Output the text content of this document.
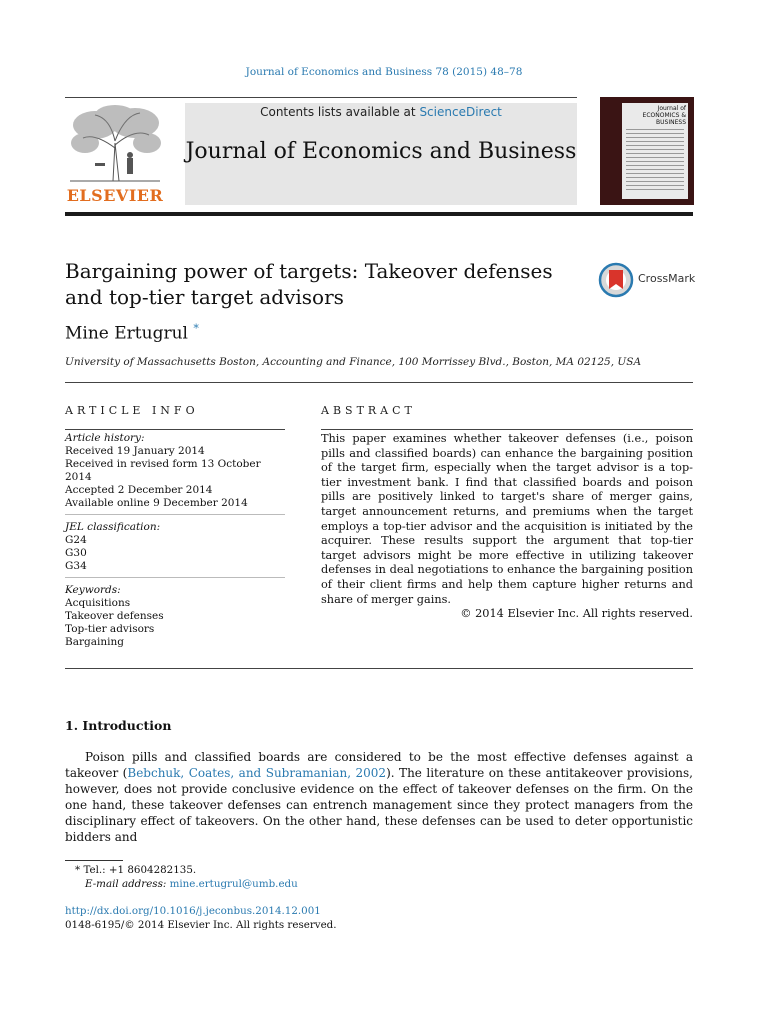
Journal of Economics and Business 78 (2015) 48–78
ELSEVIER
Contents lists available at ScienceDirect
Journal of Economics and Business
Journal of ECONOMICS & BUSINESS
Bargaining power of targets: Takeover defenses and top-tier target advisors
CrossMark
Mine Ertugrul *
University of Massachusetts Boston, Accounting and Finance, 100 Morrissey Blvd., Boston, MA 02125, USA
ARTICLE INFO	ABSTRACT
Article history:
Received 19 January 2014
Received in revised form 13 October 2014
Accepted 2 December 2014
Available online 9 December 2014
JEL classification:
G24
G30
G34
Keywords:
Acquisitions
Takeover defenses
Top-tier advisors
Bargaining
This paper examines whether takeover defenses (i.e., poison pills and classified boards) can enhance the bargaining position of the target firm, especially when the target advisor is a top-tier investment bank. I find that classified boards and poison pills are positively linked to target's share of merger gains, target announcement returns, and premiums when the target employs a top-tier advisor and the acquisition is initiated by the acquirer. These results support the argument that top-tier target advisors might be more effective in utilizing takeover defenses in deal negotiations to enhance the bargaining position of their client firms and help them capture higher returns and share of merger gains.
© 2014 Elsevier Inc. All rights reserved.
1. Introduction

Poison pills and classified boards are considered to be the most effective defenses against a takeover (Bebchuk, Coates, and Subramanian, 2002). The literature on these antitakeover provisions, however, does not provide conclusive evidence on the effect of takeover defenses on the firm. On the one hand, these takeover defenses can entrench management since they protect managers from the disciplinary effect of takeovers. On the other hand, these defenses can be used to deter opportunistic bidders and

* Tel.: +1 8604282135.
E-mail address: mine.ertugrul@umb.edu
http://dx.doi.org/10.1016/j.jeconbus.2014.12.001
0148-6195/© 2014 Elsevier Inc. All rights reserved.
